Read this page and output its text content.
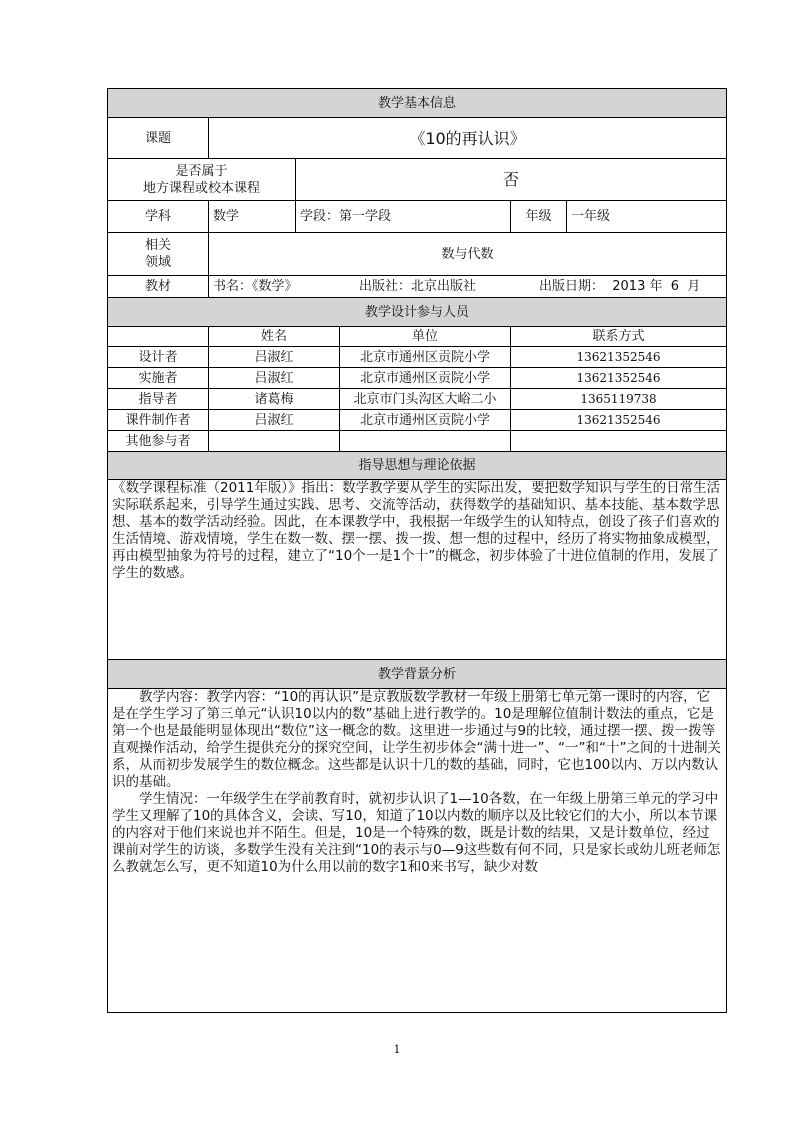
教学基本信息					
课题	《10的再认识》				

是否属于
地方课程或校本课程		否			
学科	数学	学段：第一学段		年级	一年级

相关
领域	数与代数				
教材	书名：《数学》 出版社：北京出版社 出版日期：  2013 年  6  月				
教学设计参与人员					
	姓名		单位	联系方式	
设计者	吕淑红		北京市通州区贡院小学	13621352546	
实施者	吕淑红		北京市通州区贡院小学	13621352546	
指导者	诸葛梅		北京市门头沟区大峪二小	1365119738	
课件制作者	吕淑红		北京市通州区贡院小学	13621352546	
其他参与者					
指导思想与理论依据					
《数学课程标准（2011年版）》指出：数学教学要从学生的实际出发，要把数学知识与学生的日常生活实际联系起来，引导学生通过实践、思考、交流等活动，获得数学的基础知识、基本技能、基本数学思想、基本的数学活动经验。因此，在本课教学中，我根据一年级学生的认知特点，创设了孩子们喜欢的生活情境、游戏情境，学生在数一数、摆一摆、拨一拨、想一想的过程中，经历了将实物抽象成模型，再由模型抽象为符号的过程，建立了“10个一是1个十”的概念，初步体验了十进位值制的作用，发展了学生的数感。					
教学背景分析					

教学内容：教学内容：“10的再认识”是京教版数学教材一年级上册第七单元第一课时的内容，它是在学生学习了第三单元“认识10以内的数”基础上进行教学的。10是理解位值制计数法的重点，它是第一个也是最能明显体现出“数位”这一概念的数。这里进一步通过与9的比较，通过摆一摆、拨一拨等直观操作活动，给学生提供充分的探究空间，让学生初步体会“满十进一”、“一”和“十”之间的十进制关系，从而初步发展学生的数位概念。这些都是认识十几的数的基础，同时，它也100以内、万以内数认识的基础。

学生情况：一年级学生在学前教育时，就初步认识了1—10各数，在一年级上册第三单元的学习中学生又理解了10的具体含义，会读、写10，知道了10以内数的顺序以及比较它们的大小，所以本节课的内容对于他们来说也并不陌生。但是，10是一个特殊的数，既是计数的结果，又是计数单位，经过课前对学生的访谈，多数学生没有关注到“10的表示与0—9这些数有何不同，只是家长或幼儿班老师怎么教就怎么写，更不知道10为什么用以前的数字1和0来书写，缺少对数					

1
